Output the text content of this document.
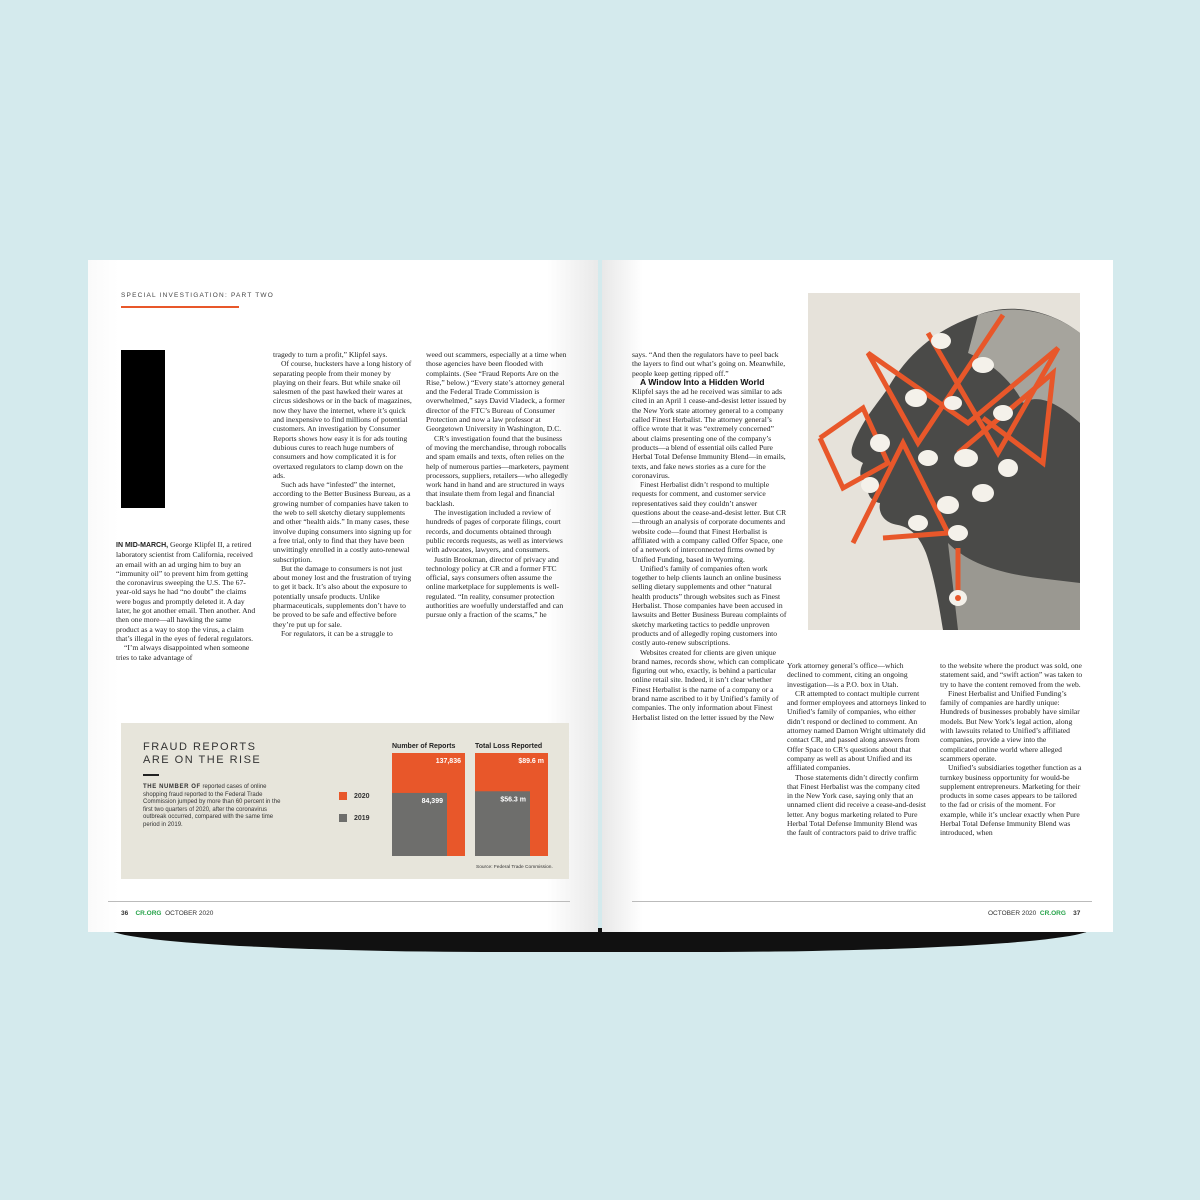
SPECIAL INVESTIGATION: PART TWO

IN MID-MARCH, George Klipfel II, a retired laboratory scientist from California, received an email with an ad urging him to buy an “immunity oil” to prevent him from getting the coronavirus sweeping the U.S. The 67-year-old says he had “no doubt” the claims were bogus and promptly deleted it. A day later, he got another email. Then another. And then one more—all hawking the same product as a way to stop the virus, a claim that’s illegal in the eyes of federal regulators.

“I’m always disappointed when someone tries to take advantage of

tragedy to turn a profit,” Klipfel says.

Of course, hucksters have a long history of separating people from their money by playing on their fears. But while snake oil salesmen of the past hawked their wares at circus sideshows or in the back of magazines, now they have the internet, where it’s quick and inexpensive to find millions of potential customers. An investigation by Consumer Reports shows how easy it is for ads touting dubious cures to reach huge numbers of consumers and how complicated it is for overtaxed regulators to clamp down on the ads.

Such ads have “infested” the internet, according to the Better Business Bureau, as a growing number of companies have taken to the web to sell sketchy dietary supplements and other “health aids.” In many cases, these involve duping consumers into signing up for a free trial, only to find that they have been unwittingly enrolled in a costly auto-renewal subscription.

But the damage to consumers is not just about money lost and the frustration of trying to get it back. It’s also about the exposure to potentially unsafe products. Unlike pharmaceuticals, supplements don’t have to be proved to be safe and effective before they’re put up for sale.

For regulators, it can be a struggle to

weed out scammers, especially at a time when those agencies have been flooded with complaints. (See “Fraud Reports Are on the Rise,” below.) “Every state’s attorney general and the Federal Trade Commission is overwhelmed,” says David Vladeck, a former director of the FTC’s Bureau of Consumer Protection and now a law professor at Georgetown University in Washington, D.C.

CR’s investigation found that the business of moving the merchandise, through robocalls and spam emails and texts, often relies on the help of numerous parties—marketers, payment processors, suppliers, retailers—who allegedly work hand in hand and are structured in ways that insulate them from legal and financial backlash.

The investigation included a review of hundreds of pages of corporate filings, court records, and documents obtained through public records requests, as well as interviews with advocates, lawyers, and consumers.

Justin Brookman, director of privacy and technology policy at CR and a former FTC official, says consumers often assume the online marketplace for supplements is well-regulated. “In reality, consumer protection authorities are woefully understaffed and can pursue only a fraction of the scams,” he

FRAUD REPORTS
ARE ON THE RISE
THE NUMBER OF reported cases of online shopping fraud reported to the Federal Trade Commission jumped by more than 60 percent in the first two quarters of 2020, after the coronavirus outbreak occurred, compared with the same time period in 2019.
2020
2019
Number of Reports	Total Loss Reported
137,836
84,399
$89.6 m
$56.3 m
Source: Federal Trade Commission.
36 CR.ORG OCTOBER 2020

says. “And then the regulators have to peel back the layers to find out what’s going on. Meanwhile, people keep getting ripped off.”

A Window Into a Hidden World

Klipfel says the ad he received was similar to ads cited in an April 1 cease-and-desist letter issued by the New York state attorney general to a company called Finest Herbalist. The attorney general’s office wrote that it was “extremely concerned” about claims presenting one of the company’s products—a blend of essential oils called Pure Herbal Total Defense Immunity Blend—in emails, texts, and fake news stories as a cure for the coronavirus.

Finest Herbalist didn’t respond to multiple requests for comment, and customer service representatives said they couldn’t answer questions about the cease-and-desist letter. But CR—through an analysis of corporate documents and website code—found that Finest Herbalist is affiliated with a company called Offer Space, one of a network of interconnected firms owned by Unified Funding, based in Wyoming.

Unified’s family of companies often work together to help clients launch an online business selling dietary supplements and other “natural health products” through websites such as Finest Herbalist. Those companies have been accused in lawsuits and Better Business Bureau complaints of sketchy marketing tactics to peddle unproven products and of allegedly roping customers into costly auto-renew subscriptions.

Websites created for clients are given unique brand names, records show, which can complicate figuring out who, exactly, is behind a particular online retail site. Indeed, it isn’t clear whether Finest Herbalist is the name of a company or a brand name ascribed to it by Unified’s family of companies. The only information about Finest Herbalist listed on the letter issued by the New

York attorney general’s office—which declined to comment, citing an ongoing investigation—is a P.O. box in Utah.

CR attempted to contact multiple current and former employees and attorneys linked to Unified’s family of companies, who either didn’t respond or declined to comment. An attorney named Damon Wright ultimately did contact CR, and passed along answers from Offer Space to CR’s questions about that company as well as about Unified and its affiliated companies.

Those statements didn’t directly confirm that Finest Herbalist was the company cited in the New York case, saying only that an unnamed client did receive a cease-and-desist letter. Any bogus marketing related to Pure Herbal Total Defense Immunity Blend was the fault of contractors paid to drive traffic

to the website where the product was sold, one statement said, and “swift action” was taken to try to have the content removed from the web.

Finest Herbalist and Unified Funding’s family of companies are hardly unique: Hundreds of businesses probably have similar models. But New York’s legal action, along with lawsuits related to Unified’s affiliated companies, provide a view into the complicated online world where alleged scammers operate.

Unified’s subsidiaries together function as a turnkey business opportunity for would-be supplement entrepreneurs. Marketing for their products in some cases appears to be tailored to the fad or crisis of the moment. For example, while it’s unclear exactly when Pure Herbal Total Defense Immunity Blend was introduced, when

OCTOBER 2020 CR.ORG 37
